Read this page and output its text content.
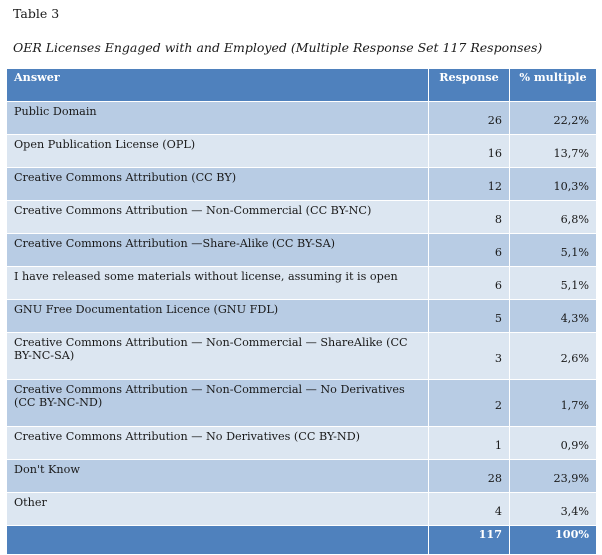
Table 3
OER Licenses Engaged with and Employed (Multiple Response Set 117 Responses)
Answer	Response	% multiple
Public Domain	26	22,2%
Open Publication License (OPL)	16	13,7%
Creative Commons Attribution (CC BY)	12	10,3%
Creative Commons Attribution — Non-Commercial (CC BY-NC)	8	6,8%
Creative Commons Attribution —Share-Alike (CC BY-SA)	6	5,1%
I have released some materials without license, assuming it is open	6	5,1%
GNU Free Documentation Licence (GNU FDL)	5	4,3%
Creative Commons Attribution — Non-Commercial — ShareAlike (CC BY-NC-SA)	3	2,6%
Creative Commons Attribution — Non-Commercial — No Derivatives (CC BY-NC-ND)	2	1,7%
Creative Commons Attribution — No Derivatives (CC BY-ND)	1	0,9%
Don't Know	28	23,9%
Other	4	3,4%
	117	100%
